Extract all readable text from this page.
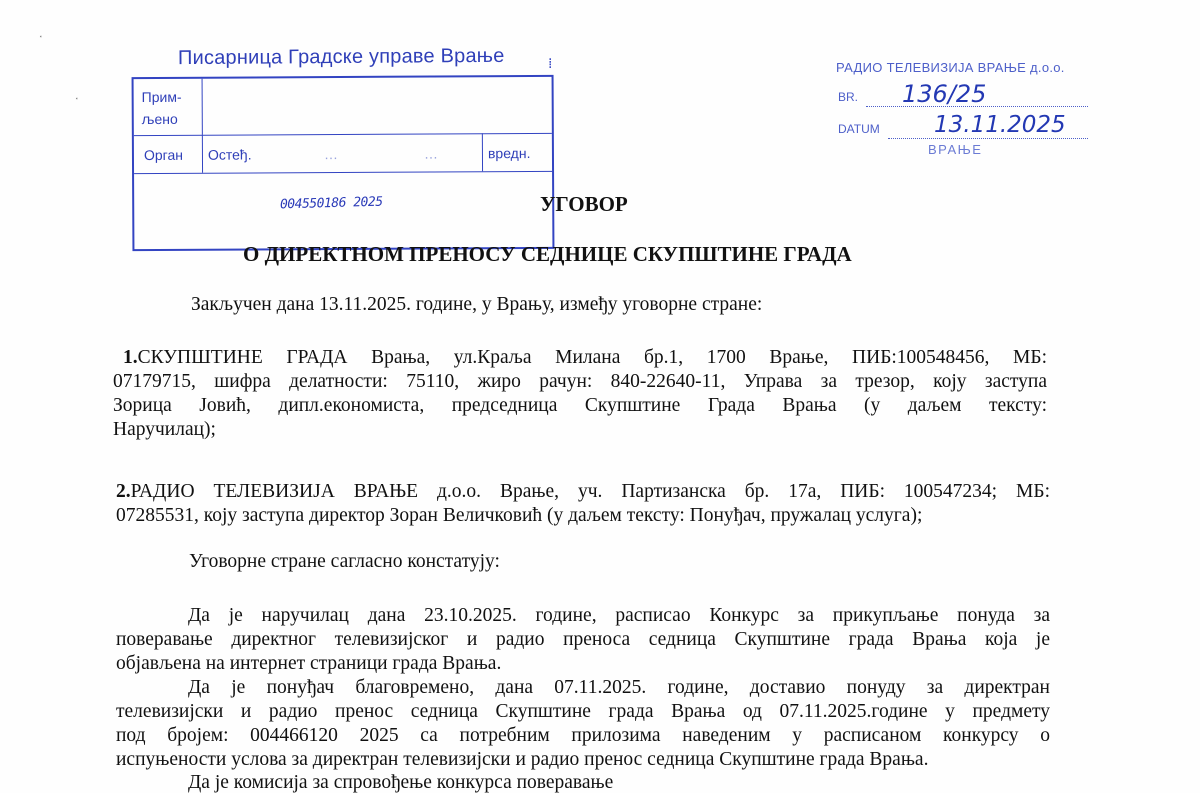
⸼
⸼
⁞
Писарница Градске управе Врање
Прим-
љено
Орган Oстеђ.	…	…	вредн.
004550186 2025
РАДИО ТЕЛЕВИЗИЈА ВРАЊЕ д.о.о.
BR. 136/25
DATUM 13.11.2025
ВРАЊЕ
УГОВОР
О ДИРЕКТНОМ ПРЕНОСУ СЕДНИЦЕ СКУПШТИНЕ ГРАДА
Закључен дана 13.11.2025. године, у Врању, између уговорне стране:
1.СКУПШТИНЕ ГРАДА Врања, ул.Краља Милана бр.1, 1700 Врање, ПИБ:100548456, МБ:
07179715, шифра делатности: 75110, жиро рачун: 840-22640-11, Управа за трезор, коју заступа
Зорица Јовић, дипл.економиста, председница Скупштине Града Врања (у даљем тексту:
Наручилац);
2.РАДИО ТЕЛЕВИЗИЈА ВРАЊЕ д.о.о. Врање, уч. Партизанска бр. 17а, ПИБ: 100547234; МБ:
07285531, коју заступа директор Зоран Величковић (у даљем тексту: Понуђач, пружалац услуга);
Уговорне стране сагласно констатују:
Да је наручилац дана 23.10.2025. године, расписао Конкурс за прикупљање понуда за
поверавање директног телевизијског и радио преноса седница Скупштине града Врања која је
објављена на интернет страници града Врања.
Да је понуђач благовремено, дана 07.11.2025. године, доставио понуду за директран
телевизијски и радио пренос седница Скупштине града Врања од 07.11.2025.године у предмету
под бројем: 004466120 2025 са потребним прилозима наведеним у расписаном конкурсу о
испуњености услова за директран телевизијски и радио пренос седница Скупштине града Врања.
Да је комисија за спровођење конкурса поверавање
